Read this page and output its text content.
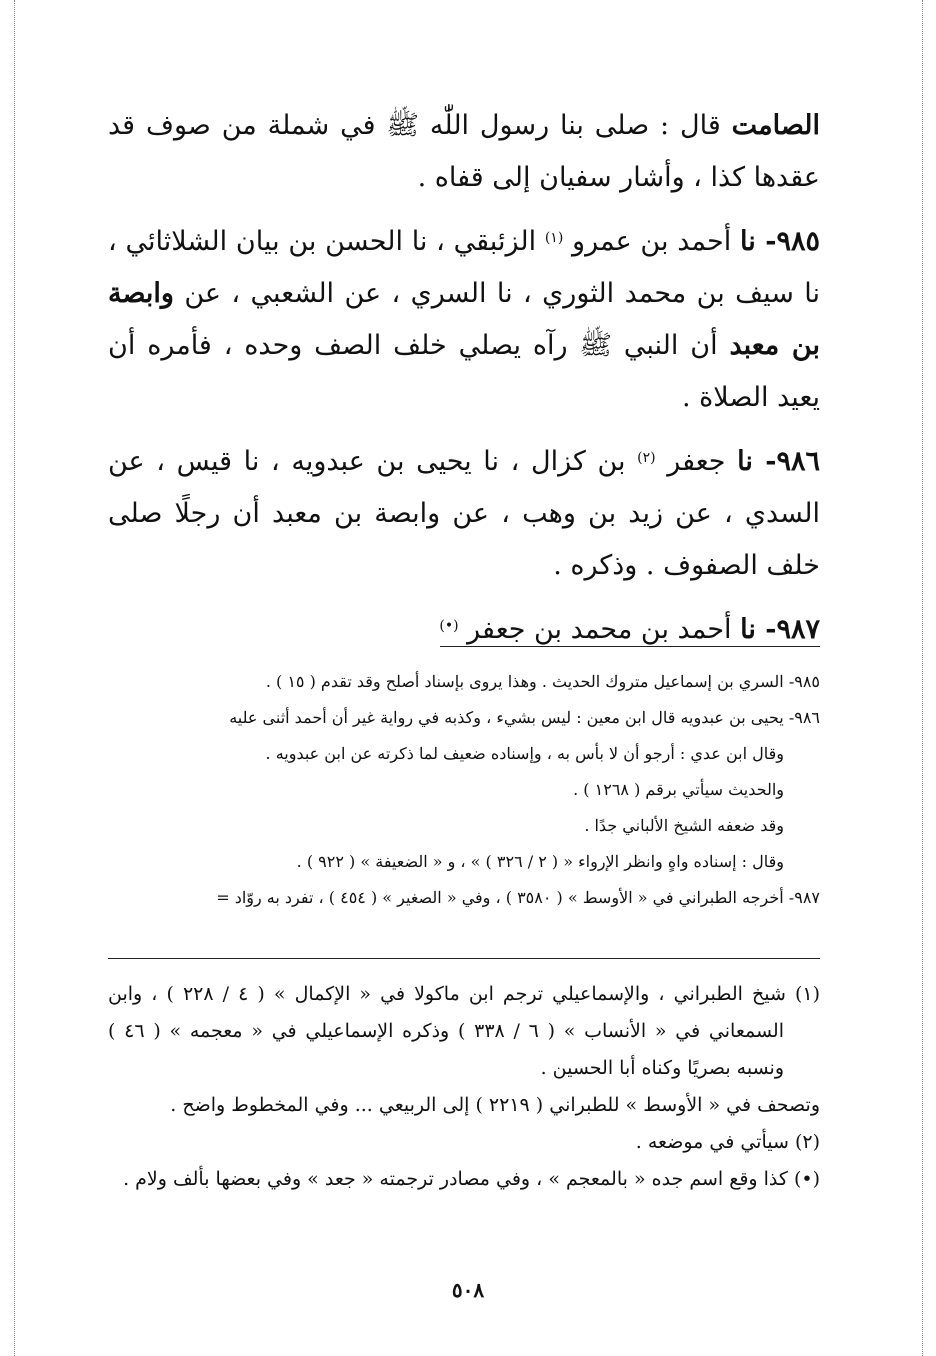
الصامت قال : صلى بنا رسول اللّٰه ﷺ في شملة من صوف قد عقدها كذا ، وأشار سفيان إلى قفاه .

٩٨٥- نا أحمد بن عمرو $^{(١)}$ الزئبقي ، نا الحسن بن بيان الشلاثائي ، نا سيف بن محمد الثوري ، نا السري ، عن الشعبي ، عن وابصة بن معبد أن النبي ﷺ رآه يصلي خلف الصف وحده ، فأمره أن يعيد الصلاة .

٩٨٦- نا جعفر $^{(٢)}$ بن كزال ، نا يحيى بن عبدويه ، نا قيس ، عن السدي ، عن زيد بن وهب ، عن وابصة بن معبد أن رجلًا صلى خلف الصفوف . وذكره .

٩٨٧- نا أحمد بن محمد بن جعفر (•)

٩٨٥- السري بن إسماعيل متروك الحديث . وهذا يروى بإسناد أصلح وقد تقدم ( ١٥ ) .

٩٨٦- يحيى بن عبدويه قال ابن معين : ليس بشيء ، وكذبه في رواية غير أن أحمد أثنى عليه

وقال ابن عدي : أرجو أن لا بأس به ، وإسناده ضعيف لما ذكرته عن ابن عبدويه .

والحديث سيأتي برقم ( ١٢٦٨ ) .

وقد ضعفه الشيخ الألباني جدًا .

وقال : إسناده واهٍ وانظر الإرواء « ( ٢ / ٣٢٦ ) » ، و « الضعيفة » ( ٩٢٢ ) .

٩٨٧- أخرجه الطبراني في « الأوسط » ( ٣٥٨٠ ) ، وفي « الصغير » ( ٤٥٤ ) ، تفرد به روّاد =

(١) شيخ الطبراني ، والإسماعيلي ترجم ابن ماكولا في « الإكمال » ( ٤ / ٢٢٨ ) ، وابن السمعاني في « الأنساب » ( ٦ / ٣٣٨ ) وذكره الإسماعيلي في « معجمه » ( ٤٦ ) ونسبه بصريًا وكناه أبا الحسين .

وتصحف في « الأوسط » للطبراني ( ٢٢١٩ ) إلى الربيعي ... وفي المخطوط واضح .

(٢) سيأتي في موضعه .

(•) كذا وقع اسم جده « بالمعجم » ، وفي مصادر ترجمته « جعد » وفي بعضها بألف ولام .

٥٠٨
